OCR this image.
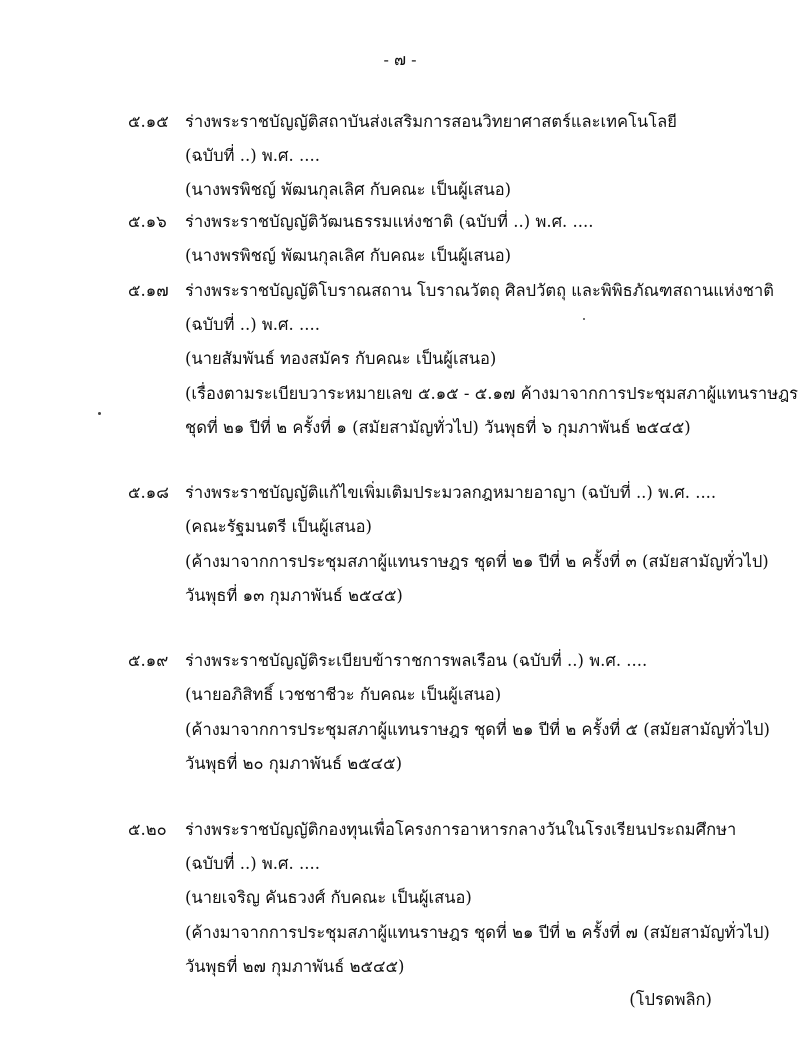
- ๗ -
๕.๑๕ ร่างพระราชบัญญัติสถาบันส่งเสริมการสอนวิทยาศาสตร์และเทคโนโลยี
(ฉบับที่ ..) พ.ศ. ....
(นางพรพิชญ์ พัฒนกุลเลิศ กับคณะ เป็นผู้เสนอ)
๕.๑๖ ร่างพระราชบัญญัติวัฒนธรรมแห่งชาติ (ฉบับที่ ..) พ.ศ. ....
(นางพรพิชญ์ พัฒนกุลเลิศ กับคณะ เป็นผู้เสนอ)
๕.๑๗ ร่างพระราชบัญญัติโบราณสถาน โบราณวัตถุ ศิลปวัตถุ และพิพิธภัณฑสถานแห่งชาติ
(ฉบับที่ ..) พ.ศ. ....
(นายสัมพันธ์ ทองสมัคร กับคณะ เป็นผู้เสนอ)
(เรื่องตามระเบียบวาระหมายเลข ๕.๑๕ - ๕.๑๗ ค้างมาจากการประชุมสภาผู้แทนราษฎร
ชุดที่ ๒๑ ปีที่ ๒ ครั้งที่ ๑ (สมัยสามัญทั่วไป) วันพุธที่ ๖ กุมภาพันธ์ ๒๕๔๕)
๕.๑๘ ร่างพระราชบัญญัติแก้ไขเพิ่มเติมประมวลกฎหมายอาญา (ฉบับที่ ..) พ.ศ. ....
(คณะรัฐมนตรี เป็นผู้เสนอ)
(ค้างมาจากการประชุมสภาผู้แทนราษฎร ชุดที่ ๒๑ ปีที่ ๒ ครั้งที่ ๓ (สมัยสามัญทั่วไป)
วันพุธที่ ๑๓ กุมภาพันธ์ ๒๕๔๕)
๕.๑๙ ร่างพระราชบัญญัติระเบียบข้าราชการพลเรือน (ฉบับที่ ..) พ.ศ. ....
(นายอภิสิทธิ์ เวชชาชีวะ กับคณะ เป็นผู้เสนอ)
(ค้างมาจากการประชุมสภาผู้แทนราษฎร ชุดที่ ๒๑ ปีที่ ๒ ครั้งที่ ๕ (สมัยสามัญทั่วไป)
วันพุธที่ ๒๐ กุมภาพันธ์ ๒๕๔๕)
๕.๒๐ ร่างพระราชบัญญัติกองทุนเพื่อโครงการอาหารกลางวันในโรงเรียนประถมศึกษา
(ฉบับที่ ..) พ.ศ. ....
(นายเจริญ คันธวงศ์ กับคณะ เป็นผู้เสนอ)
(ค้างมาจากการประชุมสภาผู้แทนราษฎร ชุดที่ ๒๑ ปีที่ ๒ ครั้งที่ ๗ (สมัยสามัญทั่วไป)
วันพุธที่ ๒๗ กุมภาพันธ์ ๒๕๔๕)
(โปรดพลิก)
